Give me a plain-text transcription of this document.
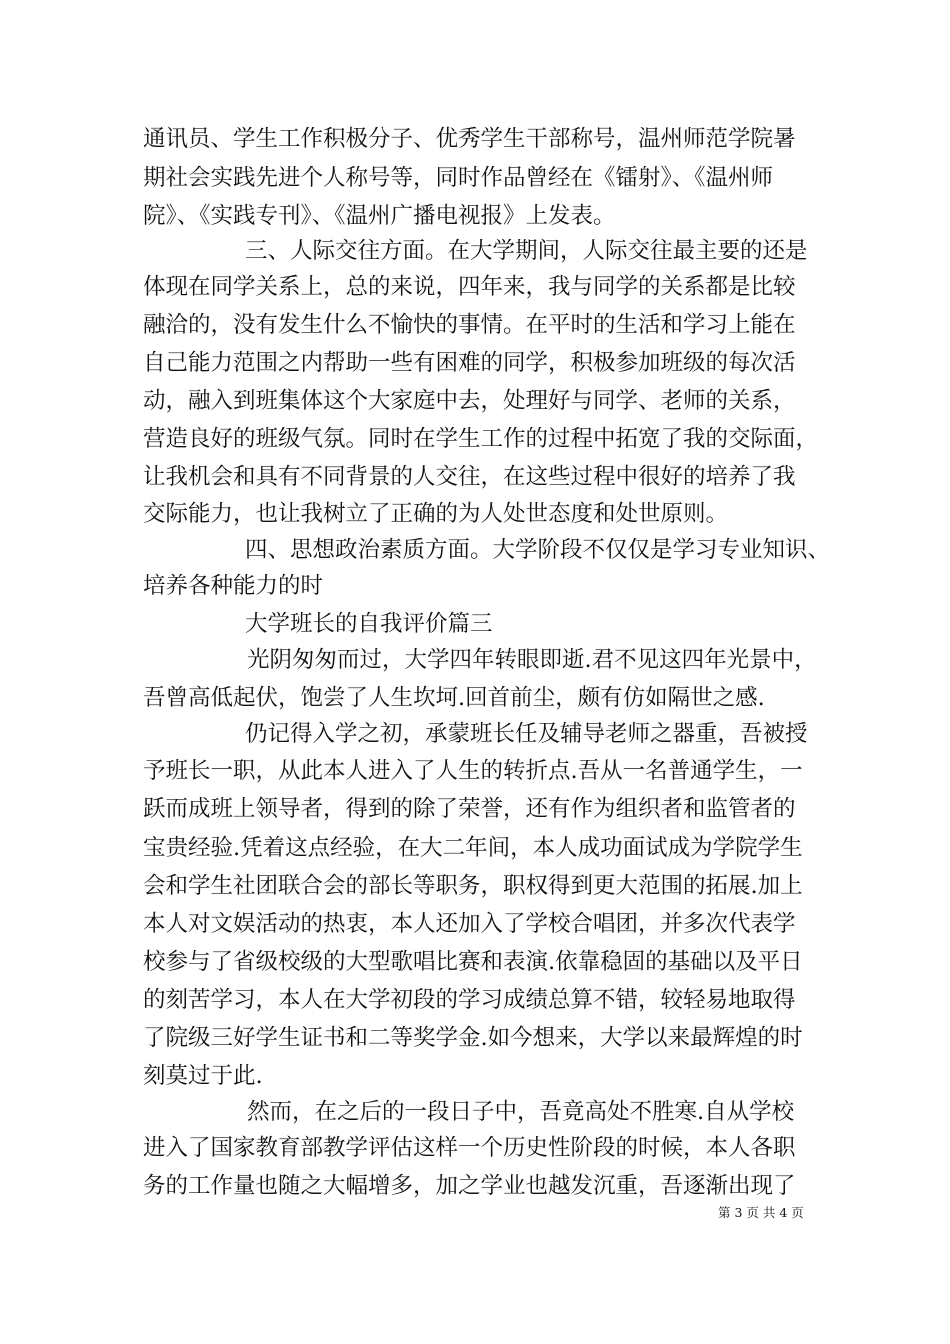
通讯员、学生工作积极分子、优秀学生干部称号，温州师范学院暑
期社会实践先进个人称号等，同时作品曾经在《镭射》、《温州师
院》、《实践专刊》、《温州广播电视报》上发表。
三、人际交往方面。在大学期间，人际交往最主要的还是
体现在同学关系上，总的来说，四年来，我与同学的关系都是比较
融洽的，没有发生什么不愉快的事情。在平时的生活和学习上能在
自己能力范围之内帮助一些有困难的同学，积极参加班级的每次活
动，融入到班集体这个大家庭中去，处理好与同学、老师的关系，
营造良好的班级气氛。同时在学生工作的过程中拓宽了我的交际面，
让我机会和具有不同背景的人交往，在这些过程中很好的培养了我
交际能力，也让我树立了正确的为人处世态度和处世原则。
四、思想政治素质方面。大学阶段不仅仅是学习专业知识、
培养各种能力的时
大学班长的自我评价篇三
光阴匆匆而过，大学四年转眼即逝.君不见这四年光景中，
吾曾高低起伏，饱尝了人生坎坷.回首前尘，颇有仿如隔世之感.
仍记得入学之初，承蒙班长任及辅导老师之器重，吾被授
予班长一职，从此本人进入了人生的转折点.吾从一名普通学生，一
跃而成班上领导者，得到的除了荣誉，还有作为组织者和监管者的
宝贵经验.凭着这点经验，在大二年间，本人成功面试成为学院学生
会和学生社团联合会的部长等职务，职权得到更大范围的拓展.加上
本人对文娱活动的热衷，本人还加入了学校合唱团，并多次代表学
校参与了省级校级的大型歌唱比赛和表演.依靠稳固的基础以及平日
的刻苦学习，本人在大学初段的学习成绩总算不错，较轻易地取得
了院级三好学生证书和二等奖学金.如今想来，大学以来最辉煌的时
刻莫过于此.
然而，在之后的一段日子中，吾竟高处不胜寒.自从学校
进入了国家教育部教学评估这样一个历史性阶段的时候，本人各职
务的工作量也随之大幅增多，加之学业也越发沉重，吾逐渐出现了
第 3 页 共 4 页
